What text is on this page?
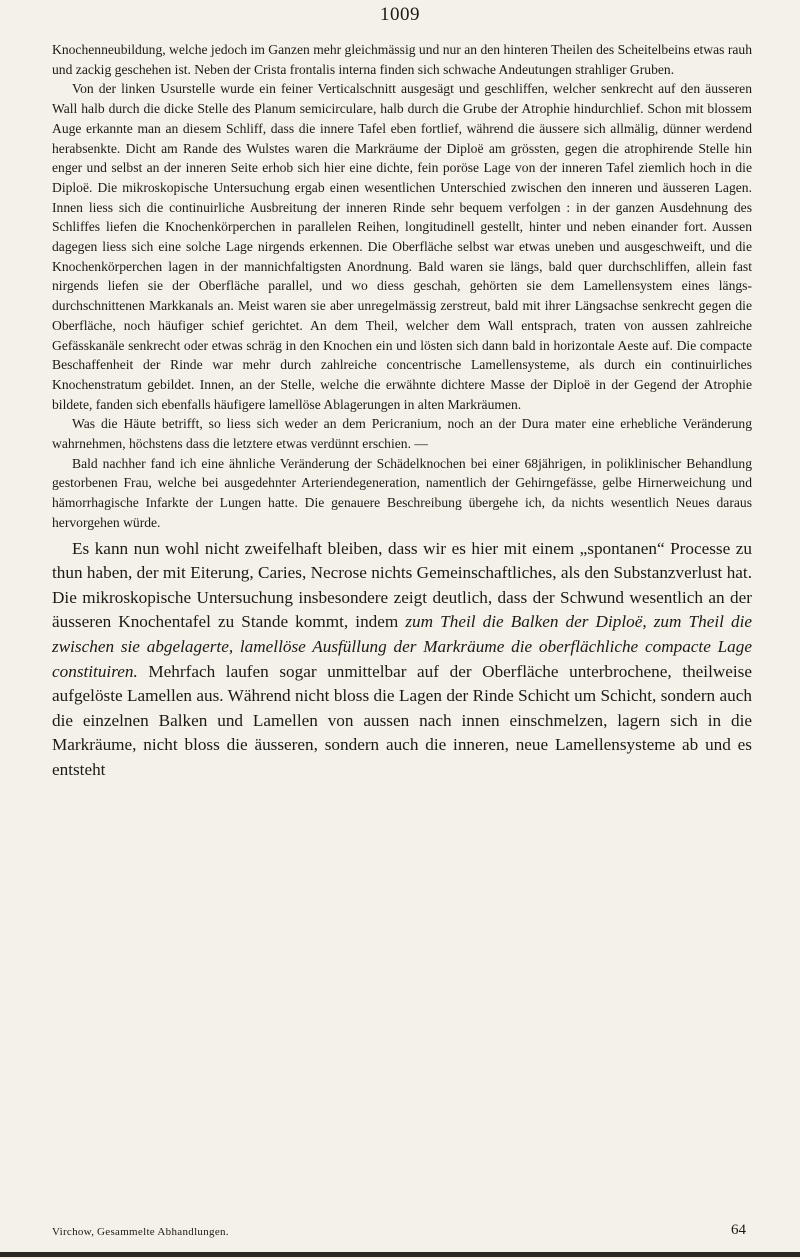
1009

Knochenneubildung, welche jedoch im Ganzen mehr gleichmässig und nur an den hinteren Theilen des Scheitelbeins etwas rauh und zackig geschehen ist. Neben der Crista frontalis interna finden sich schwache Andeutungen strahliger Gruben.

Von der linken Usurstelle wurde ein feiner Verticalschnitt ausgesägt und geschliffen, welcher senkrecht auf den äusseren Wall halb durch die dicke Stelle des Planum semicirculare, halb durch die Grube der Atrophie hindurchlief. Schon mit blossem Auge erkannte man an diesem Schliff, dass die innere Tafel eben fortlief, während die äussere sich allmälig, dünner werdend herabsenkte. Dicht am Rande des Wulstes waren die Markräume der Diploë am grössten, gegen die atrophirende Stelle hin enger und selbst an der inneren Seite erhob sich hier eine dichte, fein poröse Lage von der inneren Tafel ziemlich hoch in die Diploë. Die mikroskopische Untersuchung ergab einen wesentlichen Unterschied zwischen den inneren und äusseren Lagen. Innen liess sich die continuirliche Ausbreitung der inneren Rinde sehr bequem verfolgen : in der ganzen Ausdehnung des Schliffes liefen die Knochenkörperchen in parallelen Reihen, longitudinell gestellt, hinter und neben einander fort. Aussen dagegen liess sich eine solche Lage nirgends erkennen. Die Oberfläche selbst war etwas uneben und ausgeschweift, und die Knochenkörperchen lagen in der mannichfaltigsten Anordnung. Bald waren sie längs, bald quer durchschliffen, allein fast nirgends liefen sie der Oberfläche parallel, und wo diess geschah, gehörten sie dem Lamellensystem eines längs-durchschnittenen Markkanals an. Meist waren sie aber unregelmässig zerstreut, bald mit ihrer Längsachse senkrecht gegen die Oberfläche, noch häufiger schief gerichtet. An dem Theil, welcher dem Wall entsprach, traten von aussen zahlreiche Gefässkanäle senkrecht oder etwas schräg in den Knochen ein und lösten sich dann bald in horizontale Aeste auf. Die compacte Beschaffenheit der Rinde war mehr durch zahlreiche concentrische Lamellensysteme, als durch ein continuirliches Knochenstratum gebildet. Innen, an der Stelle, welche die erwähnte dichtere Masse der Diploë in der Gegend der Atrophie bildete, fanden sich ebenfalls häufigere lamellöse Ablagerungen in alten Markräumen.

Was die Häute betrifft, so liess sich weder an dem Pericranium, noch an der Dura mater eine erhebliche Veränderung wahrnehmen, höchstens dass die letztere etwas verdünnt erschien. —

Bald nachher fand ich eine ähnliche Veränderung der Schädelknochen bei einer 68jährigen, in poliklinischer Behandlung gestorbenen Frau, welche bei ausgedehnter Arteriendegeneration, namentlich der Gehirngefässe, gelbe Hirnerweichung und hämorrhagische Infarkte der Lungen hatte. Die genauere Beschreibung übergehe ich, da nichts wesentlich Neues daraus hervorgehen würde.

Es kann nun wohl nicht zweifelhaft bleiben, dass wir es hier mit einem „spontanen“ Processe zu thun haben, der mit Eiterung, Caries, Necrose nichts Gemeinschaftliches, als den Substanzverlust hat. Die mikroskopische Untersuchung insbesondere zeigt deutlich, dass der Schwund wesentlich an der äusseren Knochentafel zu Stande kommt, indem zum Theil die Balken der Diploë, zum Theil die zwischen sie abgelagerte, lamellöse Ausfüllung der Markräume die oberflächliche compacte Lage constituiren. Mehrfach laufen sogar unmittelbar auf der Oberfläche unterbrochene, theilweise aufgelöste Lamellen aus. Während nicht bloss die Lagen der Rinde Schicht um Schicht, sondern auch die einzelnen Balken und Lamellen von aussen nach innen einschmelzen, lagern sich in die Markräume, nicht bloss die äusseren, sondern auch die inneren, neue Lamellensysteme ab und es entsteht

Virchow, Gesammelte Abhandlungen.	64
